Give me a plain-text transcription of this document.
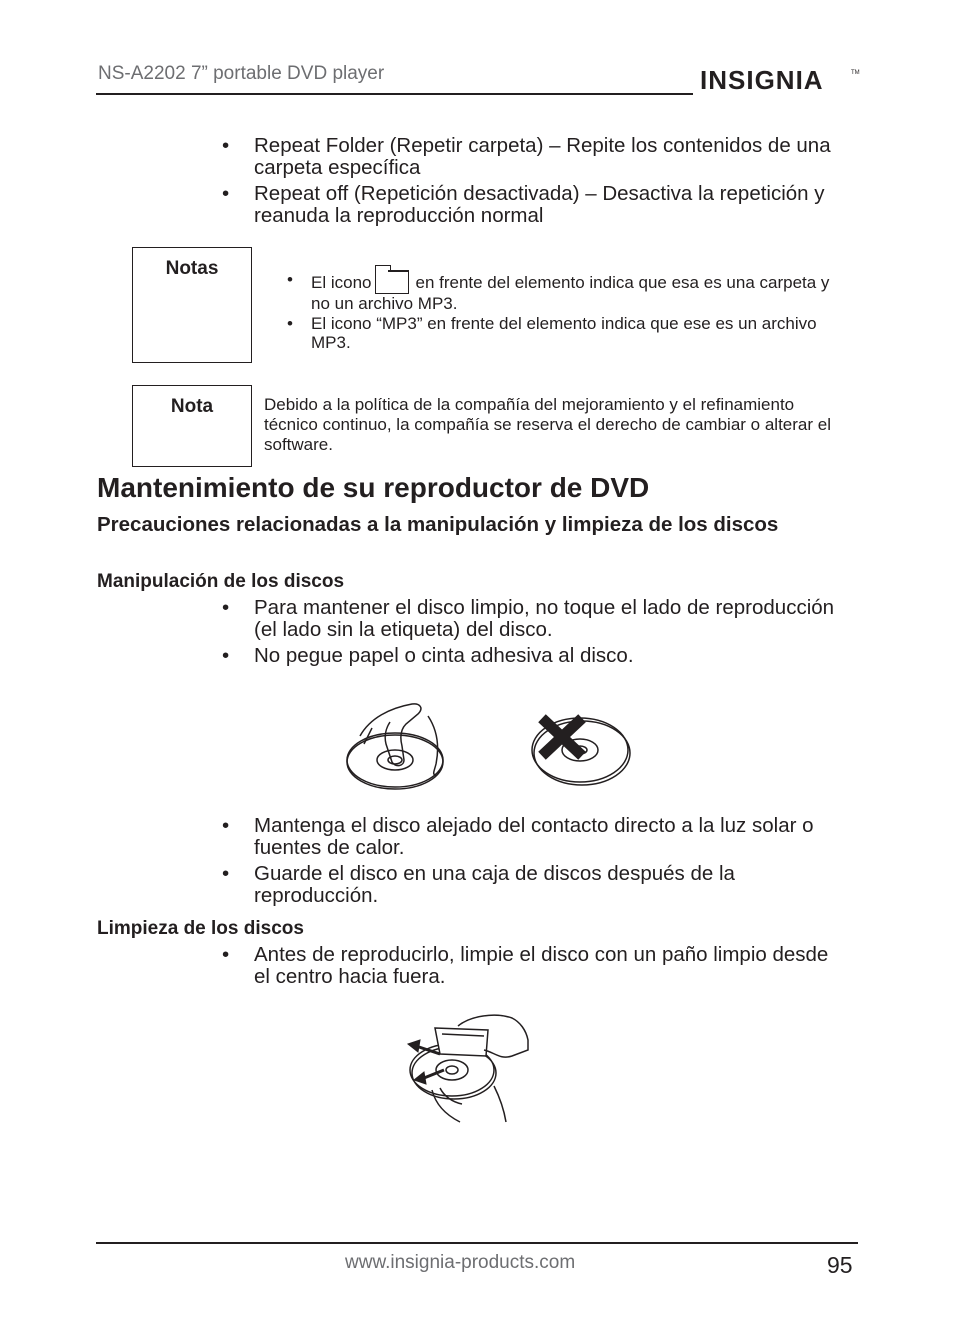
NS-A2202 7” portable DVD player	INSIGNIA	TM
• Repeat Folder (Repetir carpeta) – Repite los contenidos de una carpeta específica
• Repeat off (Repetición desactivada) – Desactiva la repetición y reanuda la reproducción normal
Notas
• El icono	en frente del elemento indica que esa es una carpeta y no un archivo MP3.
• El icono “MP3” en frente del elemento indica que ese es un archivo MP3.
Nota	Debido a la política de la compañía del mejoramiento y el refinamiento técnico continuo, la compañía se reserva el derecho de cambiar o alterar el software.
Mantenimiento de su reproductor de DVD
Precauciones relacionadas a la manipulación y limpieza de los discos
Manipulación de los discos
• Para mantener el disco limpio, no toque el lado de reproducción (el lado sin la etiqueta) del disco.
• No pegue papel o cinta adhesiva al disco.
• Mantenga el disco alejado del contacto directo a la luz solar o fuentes de calor.
• Guarde el disco en una caja de discos después de la reproducción.
Limpieza de los discos
• Antes de reproducirlo, limpie el disco con un paño limpio desde el centro hacia fuera.
www.insignia-products.com	95
